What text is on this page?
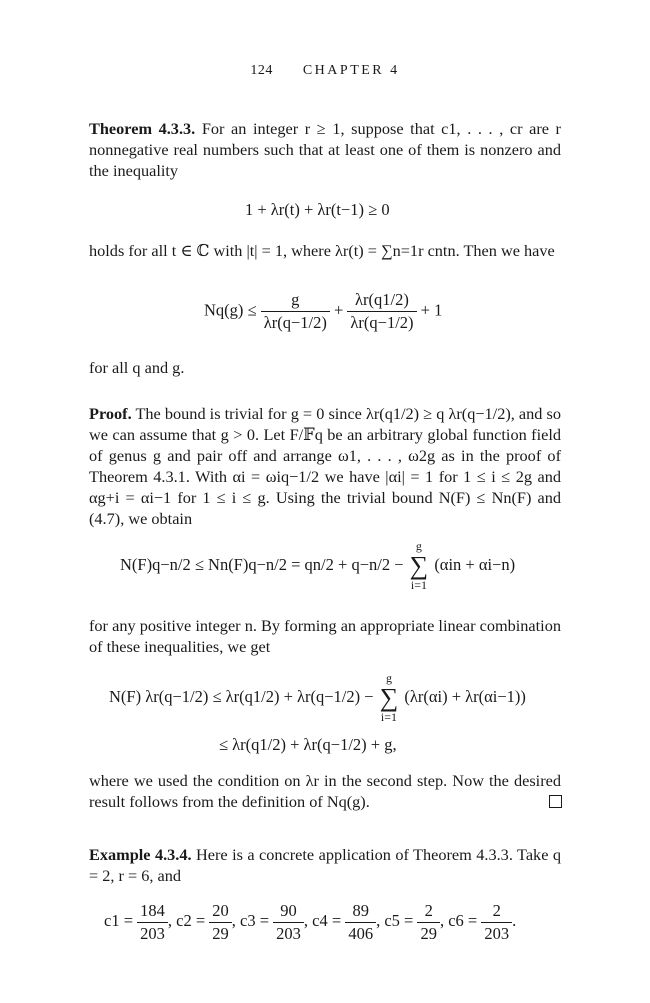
124 CHAPTER 4
Theorem 4.3.3. For an integer r ≥ 1, suppose that c1, . . . , cr are r nonnegative real numbers such that at least one of them is nonzero and the inequality
1 + λr(t) + λr(t−1) ≥ 0
holds for all t ∈ ℂ with |t| = 1, where λr(t) = ∑n=1r cntn. Then we have
$Nq(g) \le \frac{g}{\lambda r(q-1/2)} + \frac{\lambda r(q1/2)}{\lambda r(q-1/2)} + 1$
for all q and g.
Proof. The bound is trivial for g = 0 since λr(q1/2) ≥ q λr(q−1/2), and so we can assume that g > 0. Let F/𝔽q be an arbitrary global function field of genus g and pair off and arrange ω1, . . . , ω2g as in the proof of Theorem 4.3.1. With αi = ωiq−1/2 we have |αi| = 1 for 1 ≤ i ≤ 2g and αg+i = αi−1 for 1 ≤ i ≤ g. Using the trivial bound N(F) ≤ Nn(F) and (4.7), we obtain
N(F)q−n/2 ≤ Nn(F)q−n/2 = qn/2 + q−n/2 − g
∑
i=1 (αin + αi−n)
for any positive integer n. By forming an appropriate linear combination of these inequalities, we get
N(F) λr(q−1/2) ≤ λr(q1/2) + λr(q−1/2) − g
∑
i=1 (λr(αi) + λr(αi−1))
≤ λr(q1/2) + λr(q−1/2) + g,
where we used the condition on λr in the second step. Now the desired result follows from the definition of Nq(g).
Example 4.3.4. Here is a concrete application of Theorem 4.3.3. Take q = 2, r = 6, and
$c1 = \frac{184}{203}$ , $c2 = \frac{20}{29}$ , $c3 = \frac{90}{203}$ , $c4 = \frac{89}{406}$ , $c5 = \frac{2}{29}$ , $c6 = \frac{2}{203}$ .
